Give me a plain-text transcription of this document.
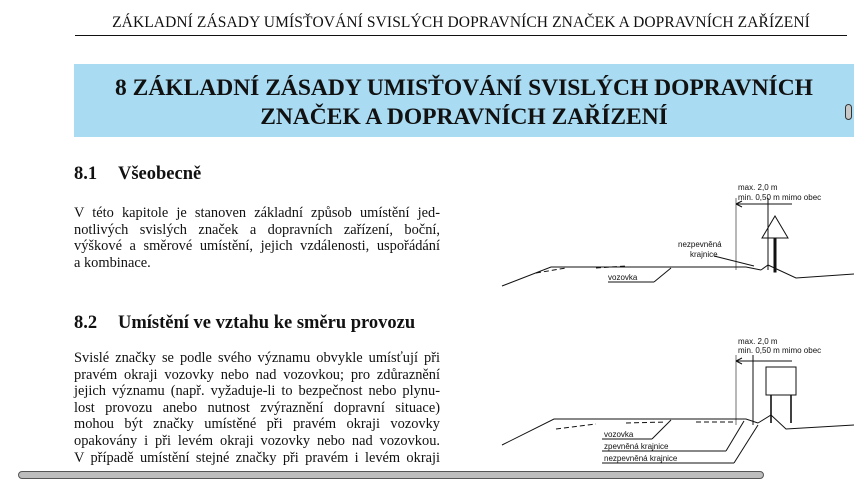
ZÁKLADNÍ ZÁSADY UMÍSŤOVÁNÍ SVISLÝCH DOPRAVNÍCH ZNAČEK A DOPRAVNÍCH ZAŘÍZENÍ
8 ZÁKLADNÍ ZÁSADY UMISŤOVÁNÍ SVISLÝCH DOPRAVNÍCH
ZNAČEK A DOPRAVNÍCH ZAŘÍZENÍ
8.1 Všeobecně
V této kapitole je stanoven základní způsob umístění jed-
notlivých svislých značek a dopravních zařízení, boční,
výškové a směrové umístění, jejich vzdálenosti, uspořádání
a kombinace.
8.2 Umístění ve vztahu ke směru provozu
Svislé značky se podle svého významu obvykle umísťují při
pravém okraji vozovky nebo nad vozovkou; pro zdůraznění
jejich významu (např. vyžaduje-li to bezpečnost nebo plynu-
lost provozu anebo nutnost zvýraznění dopravní situace)
mohou být značky umístěné při pravém okraji vozovky
opakovány i při levém okraji vozovky nebo nad vozovkou.
V případě umístění stejné značky při pravém i levém okraji
max. 2,0 m
min. 0,50 m mimo obec
nezpevněná
krajnice
vozovka
max. 2,0 m
min. 0,50 m mimo obec
vozovka
zpevněná krajnice
nezpevněná krajnice
